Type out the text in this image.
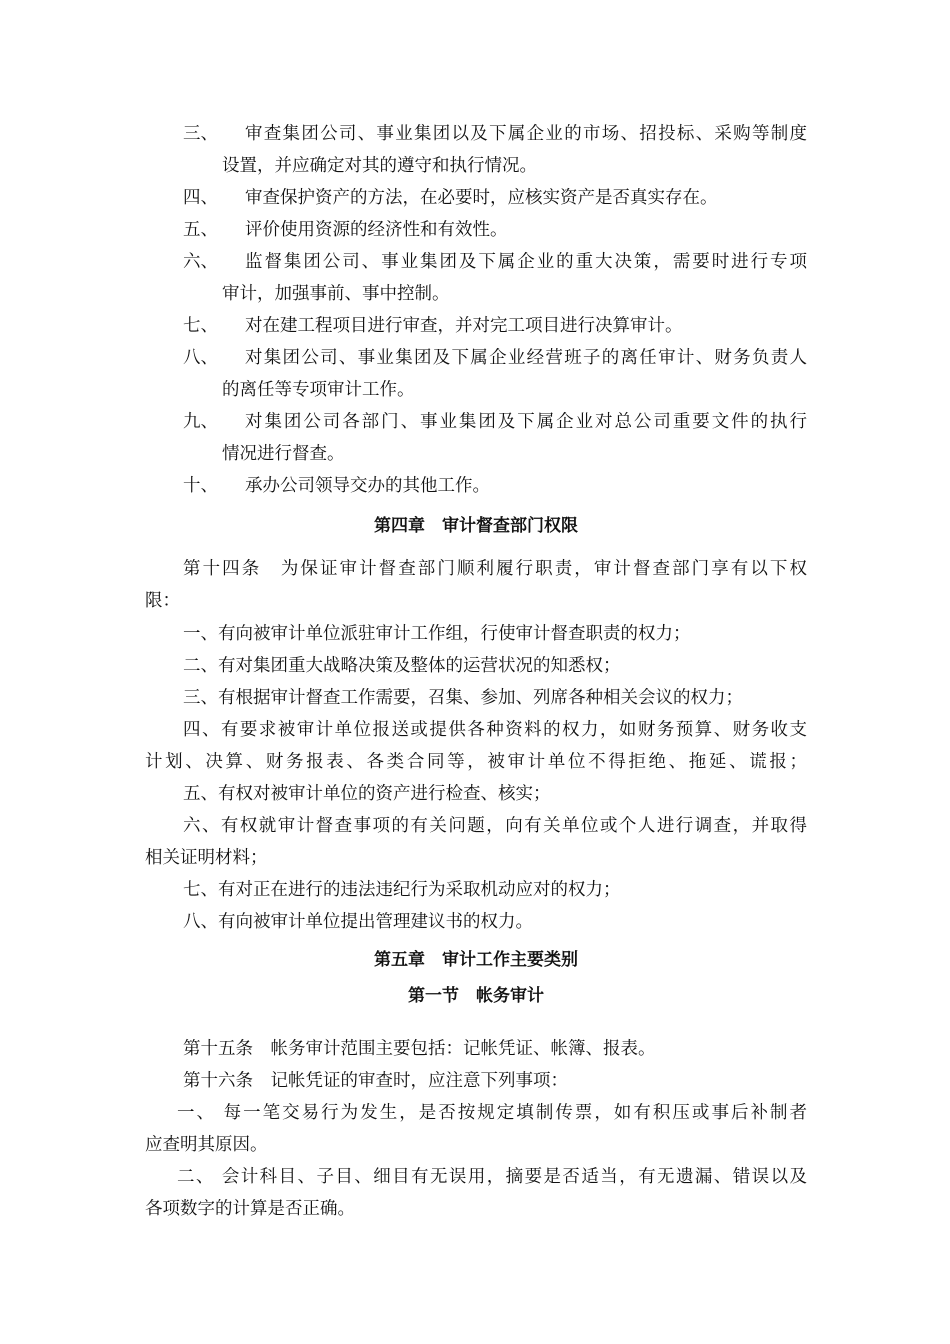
三、 审查集团公司、事业集团以及下属企业的市场、招投标、采购等制度
设置，并应确定对其的遵守和执行情况。
四、 审查保护资产的方法，在必要时，应核实资产是否真实存在。
五、 评价使用资源的经济性和有效性。
六、 监督集团公司、事业集团及下属企业的重大决策，需要时进行专项
审计，加强事前、事中控制。
七、 对在建工程项目进行审查，并对完工项目进行决算审计。
八、 对集团公司、事业集团及下属企业经营班子的离任审计、财务负责人
的离任等专项审计工作。
九、 对集团公司各部门、事业集团及下属企业对总公司重要文件的执行
情况进行督查。
十、 承办公司领导交办的其他工作。
第四章　审计督查部门权限
第十四条　为保证审计督查部门顺利履行职责，审计督查部门享有以下权
限：
一、有向被审计单位派驻审计工作组，行使审计督查职责的权力；
二、有对集团重大战略决策及整体的运营状况的知悉权；
三、有根据审计督查工作需要，召集、参加、列席各种相关会议的权力；
四、有要求被审计单位报送或提供各种资料的权力，如财务预算、财务收支
计划、决算、财务报表、各类合同等，被审计单位不得拒绝、拖延、谎报；
五、有权对被审计单位的资产进行检查、核实；
六、有权就审计督查事项的有关问题，向有关单位或个人进行调查，并取得
相关证明材料；
七、有对正在进行的违法违纪行为采取机动应对的权力；
八、有向被审计单位提出管理建议书的权力。
第五章　审计工作主要类别
第一节　帐务审计
第十五条　帐务审计范围主要包括：记帐凭证、帐簿、报表。
第十六条　记帐凭证的审查时，应注意下列事项：
一、 每一笔交易行为发生，是否按规定填制传票，如有积压或事后补制者
应查明其原因。
二、 会计科目、子目、细目有无误用，摘要是否适当，有无遗漏、错误以及
各项数字的计算是否正确。
